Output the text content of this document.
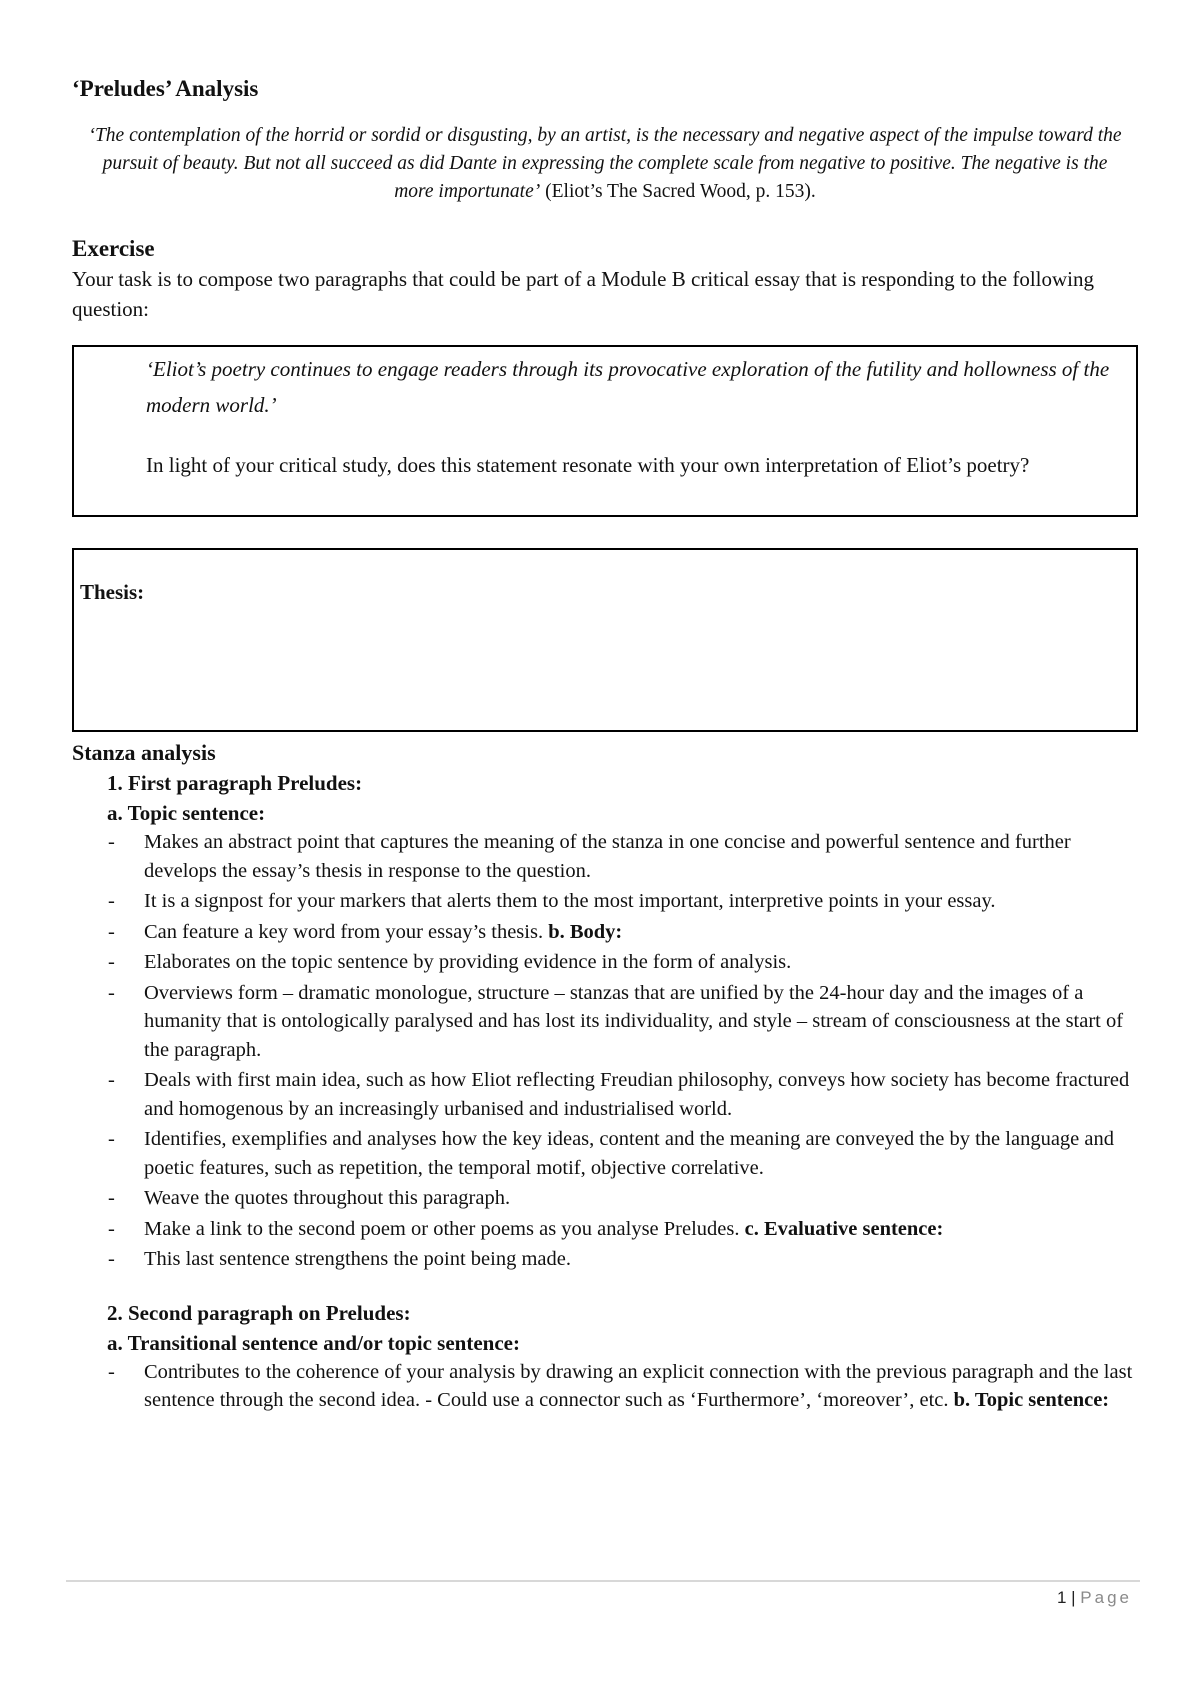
‘Preludes’ Analysis

‘The contemplation of the horrid or sordid or disgusting, by an artist, is the necessary and negative aspect of the impulse toward the pursuit of beauty. But not all succeed as did Dante in expressing the complete scale from negative to positive. The negative is the more importunate’ (Eliot’s The Sacred Wood, p. 153).

Exercise

Your task is to compose two paragraphs that could be part of a Module B critical essay that is responding to the following question:

‘Eliot’s poetry continues to engage readers through its provocative exploration of the futility and hollowness of the modern world.’

In light of your critical study, does this statement resonate with your own interpretation of Eliot’s poetry?

Thesis:
Stanza analysis
1. First paragraph Preludes:
a. Topic sentence:
- Makes an abstract point that captures the meaning of the stanza in one concise and powerful sentence and further develops the essay’s thesis in response to the question.
- It is a signpost for your markers that alerts them to the most important, interpretive points in your essay.
- Can feature a key word from your essay’s thesis. b. Body:
- Elaborates on the topic sentence by providing evidence in the form of analysis.
- Overviews form – dramatic monologue, structure – stanzas that are unified by the 24-hour day and the images of a humanity that is ontologically paralysed and has lost its individuality, and style – stream of consciousness at the start of the paragraph.
- Deals with first main idea, such as how Eliot reflecting Freudian philosophy, conveys how society has become fractured and homogenous by an increasingly urbanised and industrialised world.
- Identifies, exemplifies and analyses how the key ideas, content and the meaning are conveyed the by the language and poetic features, such as repetition, the temporal motif, objective correlative.
- Weave the quotes throughout this paragraph.
- Make a link to the second poem or other poems as you analyse Preludes. c. Evaluative sentence:
- This last sentence strengthens the point being made.
2. Second paragraph on Preludes:
a. Transitional sentence and/or topic sentence:
- Contributes to the coherence of your analysis by drawing an explicit connection with the previous paragraph and the last sentence through the second idea. - Could use a connector such as ‘Furthermore’, ‘moreover’, etc. b. Topic sentence:
1 | Page
